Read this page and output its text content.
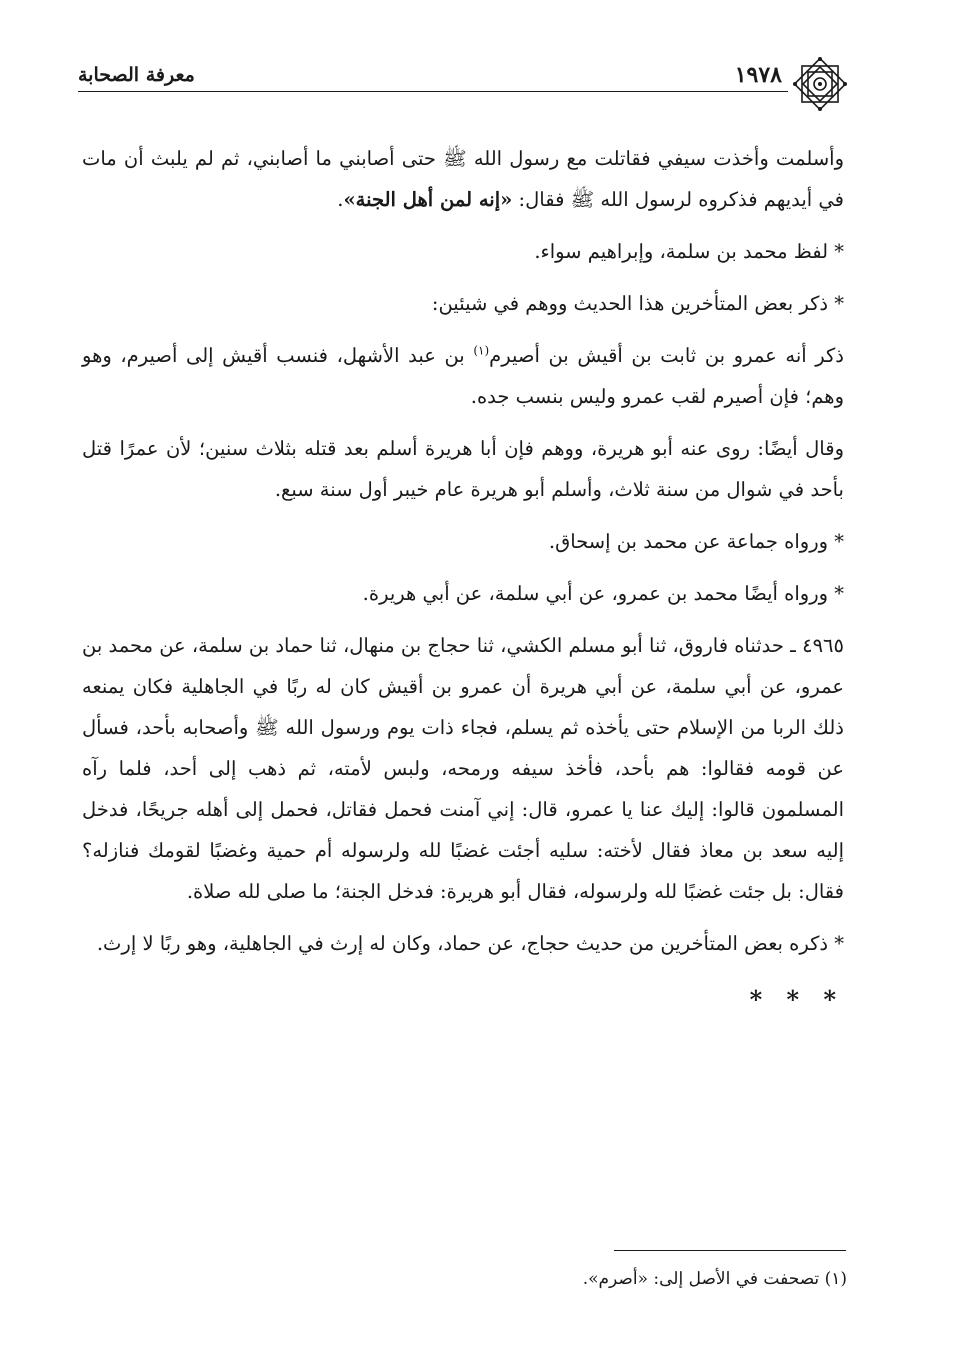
معرفة الصحابة	١٩٧٨

وأسلمت وأخذت سيفي فقاتلت مع رسول الله ﷺ حتى أصابني ما أصابني، ثم لم يلبث أن مات في أيديهم فذكروه لرسول الله ﷺ فقال: «إنه لمن أهل الجنة».

* لفظ محمد بن سلمة، وإبراهيم سواء.

* ذكر بعض المتأخرين هذا الحديث ووهم في شيئين:

ذكر أنه عمرو بن ثابت بن أقيش بن أصيرم$^{(١)}$ بن عبد الأشهل، فنسب أقيش إلى أصيرم، وهو وهم؛ فإن أصيرم لقب عمرو وليس بنسب جده.

وقال أيضًا: روى عنه أبو هريرة، ووهم فإن أبا هريرة أسلم بعد قتله بثلاث سنين؛ لأن عمرًا قتل بأحد في شوال من سنة ثلاث، وأسلم أبو هريرة عام خيبر أول سنة سبع.

* ورواه جماعة عن محمد بن إسحاق.

* ورواه أيضًا محمد بن عمرو، عن أبي سلمة، عن أبي هريرة.

٤٩٦٥ ـ حدثناه فاروق، ثنا أبو مسلم الكشي، ثنا حجاج بن منهال، ثنا حماد بن سلمة، عن محمد بن عمرو، عن أبي سلمة، عن أبي هريرة أن عمرو بن أقيش كان له ربًا في الجاهلية فكان يمنعه ذلك الربا من الإسلام حتى يأخذه ثم يسلم، فجاء ذات يوم ورسول الله ﷺ وأصحابه بأحد، فسأل عن قومه فقالوا: هم بأحد، فأخذ سيفه ورمحه، ولبس لأمته، ثم ذهب إلى أحد، فلما رآه المسلمون قالوا: إليك عنا يا عمرو، قال: إني آمنت فحمل فقاتل، فحمل إلى أهله جريحًا، فدخل إليه سعد بن معاذ فقال لأخته: سليه أجئت غضبًا لله ولرسوله أم حمية وغضبًا لقومك فنازله؟ فقال: بل جئت غضبًا لله ولرسوله، فقال أبو هريرة: فدخل الجنة؛ ما صلى لله صلاة.

* ذكره بعض المتأخرين من حديث حجاج، عن حماد، وكان له إرث في الجاهلية، وهو ربًا لا إرث.

* * *
(١) تصحفت في الأصل إلى: «أصرم».
